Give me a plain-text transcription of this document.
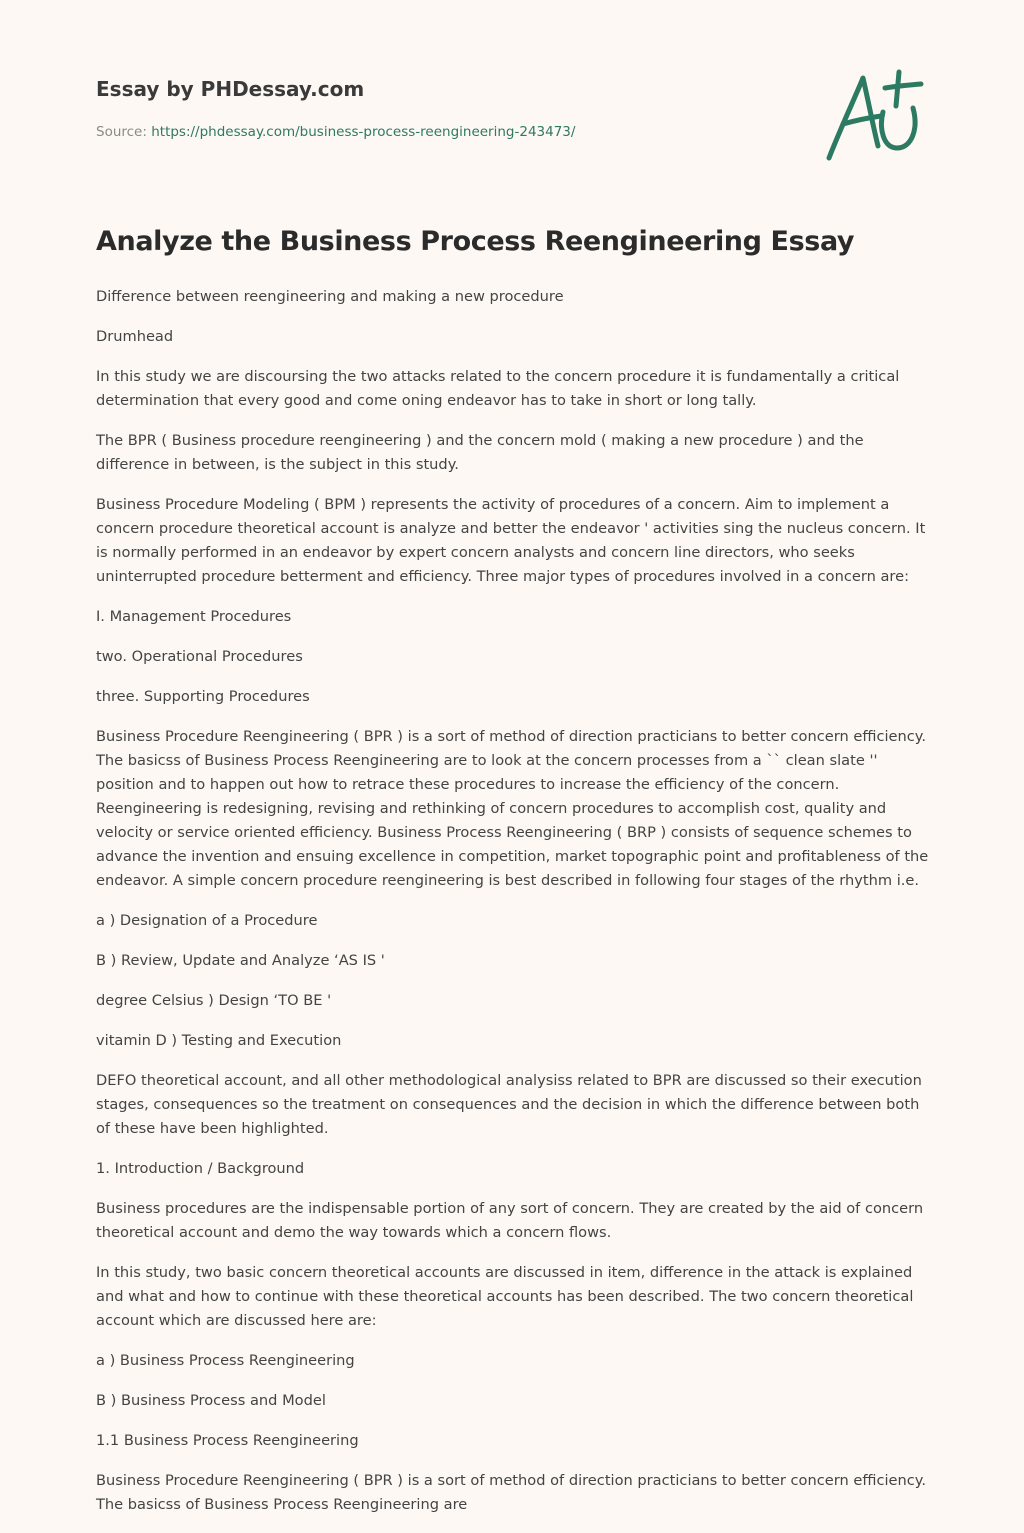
Essay by PHDessay.com
Source: https://phdessay.com/business-process-reengineering-243473/
Analyze the Business Process Reengineering Essay

Difference between reengineering and making a new procedure

Drumhead

In this study we are discoursing the two attacks related to the concern procedure it is fundamentally a critical determination that every good and come oning endeavor has to take in short or long tally.

The BPR ( Business procedure reengineering ) and the concern mold ( making a new procedure ) and the difference in between, is the subject in this study.

Business Procedure Modeling ( BPM ) represents the activity of procedures of a concern. Aim to implement a concern procedure theoretical account is analyze and better the endeavor ' activities sing the nucleus concern. It is normally performed in an endeavor by expert concern analysts and concern line directors, who seeks uninterrupted procedure betterment and efficiency. Three major types of procedures involved in a concern are:

I. Management Procedures

two. Operational Procedures

three. Supporting Procedures

Business Procedure Reengineering ( BPR ) is a sort of method of direction practicians to better concern efficiency. The basicss of Business Process Reengineering are to look at the concern processes from a `` clean slate '' position and to happen out how to retrace these procedures to increase the efficiency of the concern. Reengineering is redesigning, revising and rethinking of concern procedures to accomplish cost, quality and velocity or service oriented efficiency. Business Process Reengineering ( BRP ) consists of sequence schemes to advance the invention and ensuing excellence in competition, market topographic point and profitableness of the endeavor. A simple concern procedure reengineering is best described in following four stages of the rhythm i.e.

a ) Designation of a Procedure

B ) Review, Update and Analyze ‘AS IS '

degree Celsius ) Design ‘TO BE '

vitamin D ) Testing and Execution

DEFO theoretical account, and all other methodological analysiss related to BPR are discussed so their execution stages, consequences so the treatment on consequences and the decision in which the difference between both of these have been highlighted.

1. Introduction / Background

Business procedures are the indispensable portion of any sort of concern. They are created by the aid of concern theoretical account and demo the way towards which a concern flows.

In this study, two basic concern theoretical accounts are discussed in item, difference in the attack is explained and what and how to continue with these theoretical accounts has been described. The two concern theoretical account which are discussed here are:

a ) Business Process Reengineering

B ) Business Process and Model

1.1 Business Process Reengineering

Business Procedure Reengineering ( BPR ) is a sort of method of direction practicians to better concern efficiency. The basicss of Business Process Reengineering are
